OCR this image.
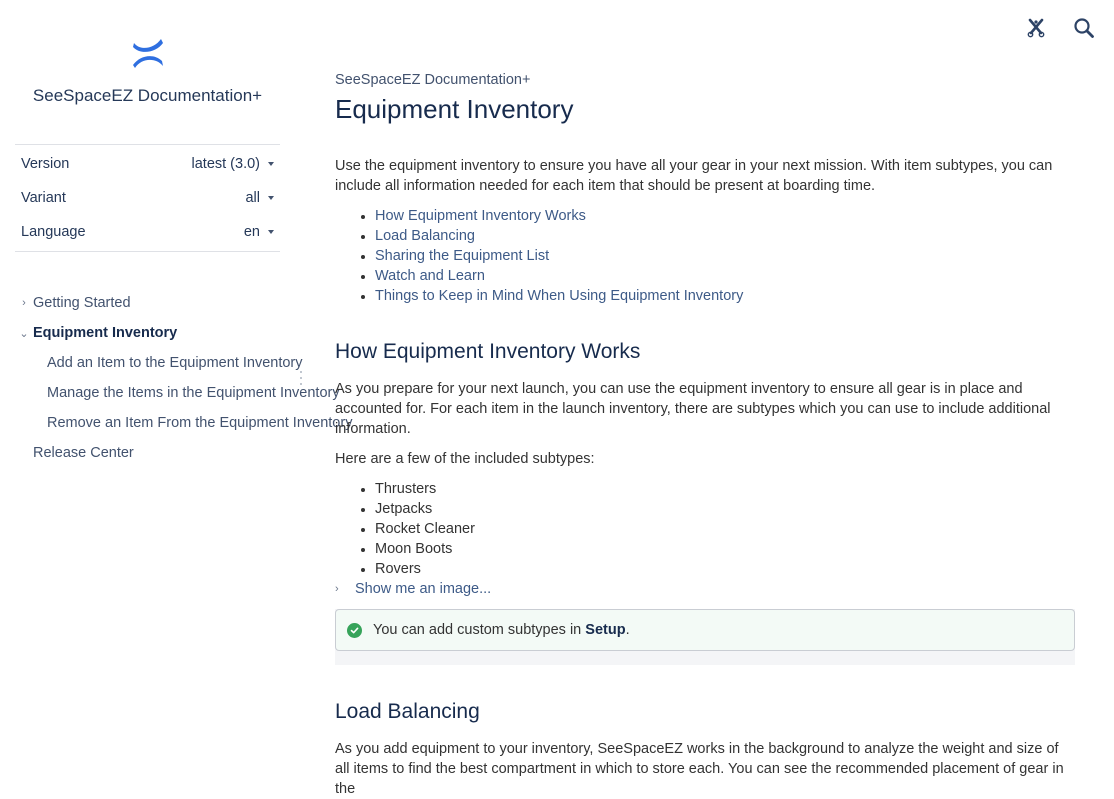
SeeSpaceEZ Documentation+
Version	latest (3.0)
Variant	all
Language	en
› Getting Started
⌄ Equipment Inventory
Add an Item to the Equipment Inventory
Manage the Items in the Equipment Inventory
Remove an Item From the Equipment Inventory
Release Center
SeeSpaceEZ Documentation+
Equipment Inventory

Use the equipment inventory to ensure you have all your gear in your next mission. With item subtypes, you can include all information needed for each item that should be present at boarding time.

How Equipment Inventory Works
Load Balancing
Sharing the Equipment List
Watch and Learn
Things to Keep in Mind When Using Equipment Inventory
How Equipment Inventory Works

As you prepare for your next launch, you can use the equipment inventory to ensure all gear is in place and accounted for. For each item in the launch inventory, there are subtypes which you can use to include additional information.

Here are a few of the included subtypes:

Thrusters
Jetpacks
Rocket Cleaner
Moon Boots
Rovers
›	Show me an image...
You can add custom subtypes in Setup.
Load Balancing

As you add equipment to your inventory, SeeSpaceEZ works in the background to analyze the weight and size of all items to find the best compartment in which to store each. You can see the recommended placement of gear in the
